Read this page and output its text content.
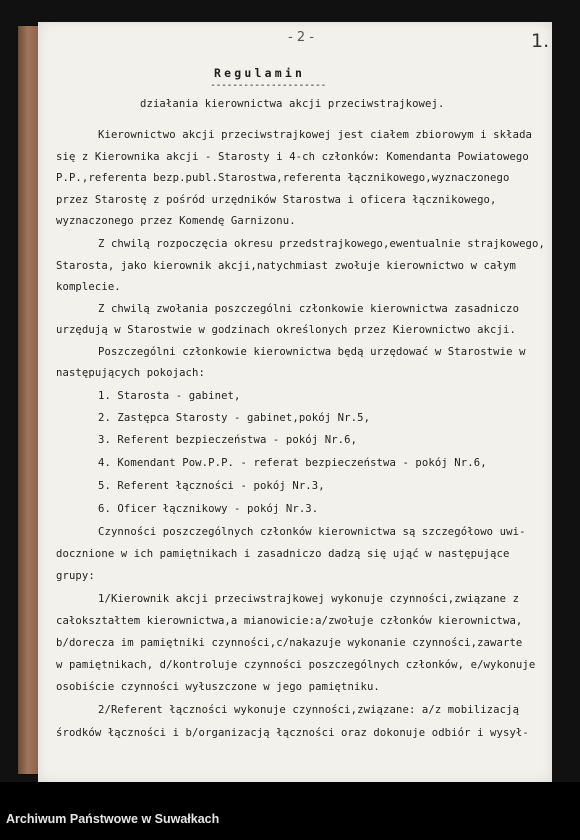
- 2 -	1.
Regulamin
---------------------
działania kierownictwa akcji przeciwstrajkowej.
Kierownictwo akcji przeciwstrajkowej jest ciałem zbiorowym i składa
się z Kierownika akcji - Starosty i 4-ch członków: Komendanta Powiatowego
P.P.,referenta bezp.publ.Starostwa,referenta łącznikowego,wyznaczonego
przez Starostę z pośród urzędników Starostwa i oficera łącznikowego,
wyznaczonego przez Komendę Garnizonu.
Z chwilą rozpoczęcia okresu przedstrajkowego,ewentualnie strajkowego,
Starosta, jako kierownik akcji,natychmiast zwołuje kierownictwo w całym
komplecie.
Z chwilą zwołania poszczególni członkowie kierownictwa zasadniczo
urzędują w Starostwie w godzinach określonych przez Kierownictwo akcji.
Poszczególni członkowie kierownictwa będą urzędować w Starostwie w
następujących pokojach:
1. Starosta - gabinet,
2. Zastępca Starosty - gabinet,pokój Nr.5,
3. Referent bezpieczeństwa - pokój Nr.6,
4. Komendant Pow.P.P. - referat bezpieczeństwa - pokój Nr.6,
5. Referent łączności - pokój Nr.3,
6. Oficer łącznikowy - pokój Nr.3.
Czynności poszczególnych członków kierownictwa są szczegółowo uwi-
docznione w ich pamiętnikach i zasadniczo dadzą się ująć w następujące
grupy:
1/Kierownik akcji przeciwstrajkowej wykonuje czynności,związane z
całokształtem kierownictwa,a mianowicie:a/zwołuje członków kierownictwa,
b/dorecza im pamiętniki czynności,c/nakazuje wykonanie czynności,zawarte
w pamiętnikach, d/kontroluje czynności poszczególnych członków, e/wykonuje
osobiście czynności wyłuszczone w jego pamiętniku.
2/Referent łączności wykonuje czynności,związane: a/z mobilizacją
środków łączności i b/organizacją łączności oraz dokonuje odbiór i wysył-
Archiwum Państwowe w Suwałkach
